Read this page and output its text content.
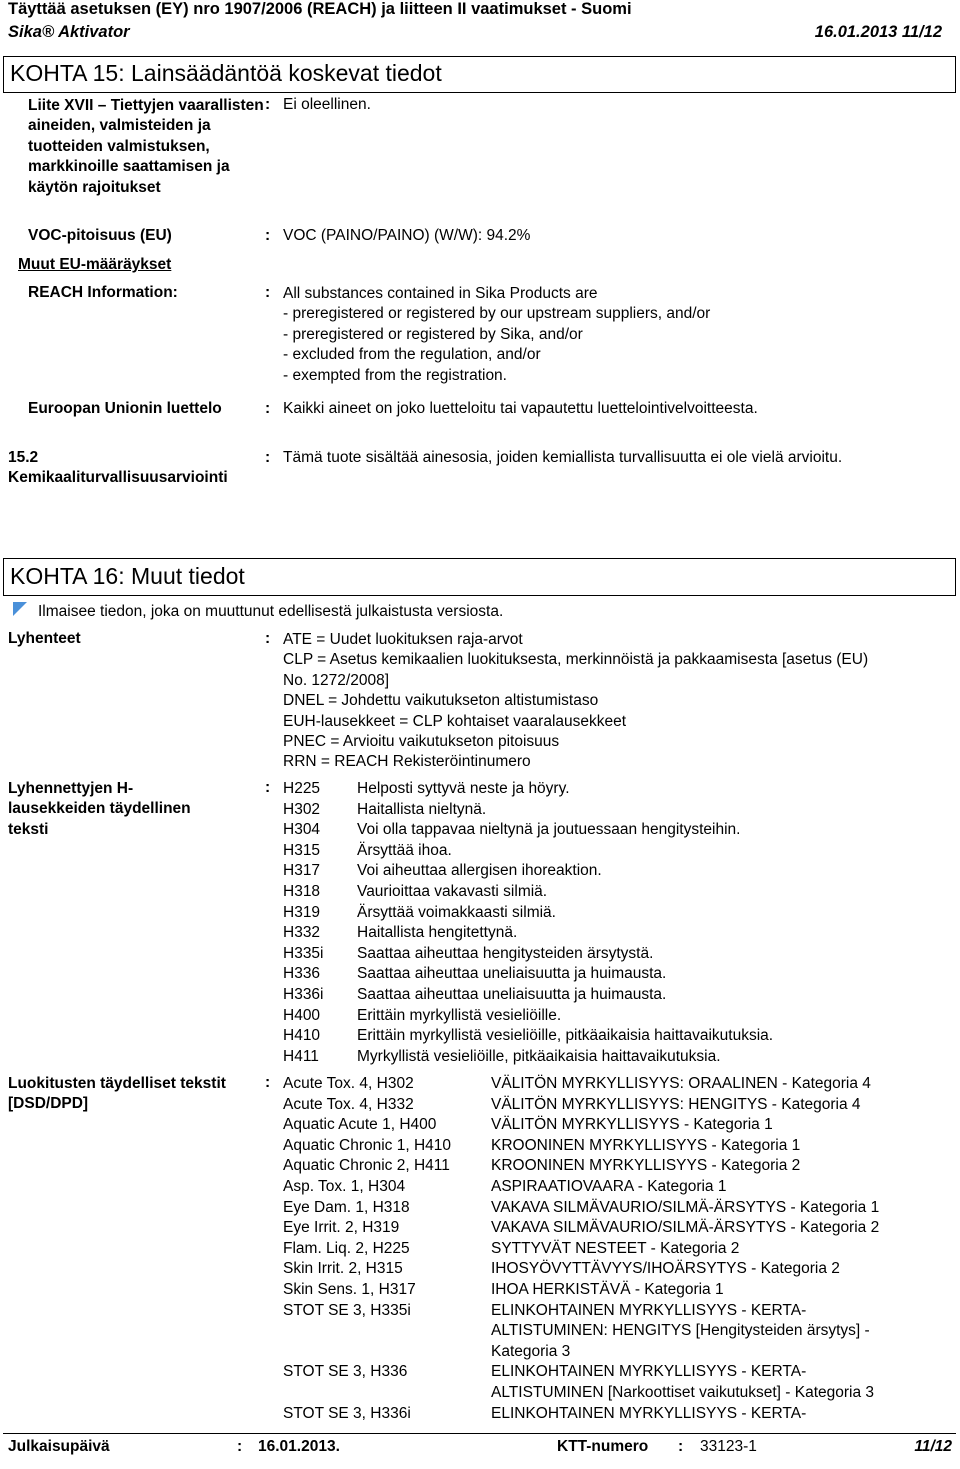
Täyttää asetuksen (EY) nro 1907/2006 (REACH) ja liitteen II vaatimukset - Suomi
Sika® Aktivator	16.01.2013 11/12
KOHTA 15: Lainsäädäntöä koskevat tiedot
Liite XVII – Tiettyjen vaarallisten aineiden, valmisteiden ja tuotteiden valmistuksen, markkinoille saattamisen ja käytön rajoitukset
: Ei oleellinen.
VOC-pitoisuus (EU)	: VOC (PAINO/PAINO) (W/W): 94.2%
Muut EU-määräykset
REACH Information:	: All substances contained in Sika Products are
- preregistered or registered by our upstream suppliers, and/or
- preregistered or registered by Sika, and/or
- excluded from the regulation, and/or
- exempted from the registration.
Euroopan Unionin luettelo	: Kaikki aineet on joko luetteloitu tai vapautettu luettelointivelvoitteesta.
15.2
Kemikaaliturvallisuusarviointi
: Tämä tuote sisältää ainesosia, joiden kemiallista turvallisuutta ei ole vielä arvioitu.
KOHTA 16: Muut tiedot
Ilmaisee tiedon, joka on muuttunut edellisestä julkaistusta versiosta.
Lyhenteet	: ATE = Uudet luokituksen raja-arvot
CLP = Asetus kemikaalien luokituksesta, merkinnöistä ja pakkaamisesta [asetus (EU)
No. 1272/2008]
DNEL = Johdettu vaikutukseton altistumistaso
EUH-lausekkeet = CLP kohtaiset vaaralausekkeet
PNEC = Arvioitu vaikutukseton pitoisuus
RRN = REACH Rekisteröintinumero
Lyhennettyjen H-lausekkeiden täydellinen teksti
: H225 Helposti syttyvä neste ja höyry.
H302 Haitallista nieltynä.
H304 Voi olla tappavaa nieltynä ja joutuessaan hengitysteihin.
H315 Ärsyttää ihoa.
H317 Voi aiheuttaa allergisen ihoreaktion.
H318 Vaurioittaa vakavasti silmiä.
H319 Ärsyttää voimakkaasti silmiä.
H332 Haitallista hengitettynä.
H335i Saattaa aiheuttaa hengitysteiden ärsytystä.
H336 Saattaa aiheuttaa uneliaisuutta ja huimausta.
H336i Saattaa aiheuttaa uneliaisuutta ja huimausta.
H400 Erittäin myrkyllistä vesieliöille.
H410 Erittäin myrkyllistä vesieliöille, pitkäaikaisia haittavaikutuksia.
H411 Myrkyllistä vesieliöille, pitkäaikaisia haittavaikutuksia.
Luokitusten täydelliset tekstit [DSD/DPD]
: Acute Tox. 4, H302	VÄLITÖN MYRKYLLISYYS: ORAALINEN - Kategoria 4
Acute Tox. 4, H332	VÄLITÖN MYRKYLLISYYS: HENGITYS - Kategoria 4
Aquatic Acute 1, H400	VÄLITÖN MYRKYLLISYYS - Kategoria 1
Aquatic Chronic 1, H410	KROONINEN MYRKYLLISYYS - Kategoria 1
Aquatic Chronic 2, H411	KROONINEN MYRKYLLISYYS - Kategoria 2
Asp. Tox. 1, H304	ASPIRAATIOVAARA - Kategoria 1
Eye Dam. 1, H318	VAKAVA SILMÄVAURIO/SILMÄ-ÄRSYTYS - Kategoria 1
Eye Irrit. 2, H319	VAKAVA SILMÄVAURIO/SILMÄ-ÄRSYTYS - Kategoria 2
Flam. Liq. 2, H225	SYTTYVÄT NESTEET - Kategoria 2
Skin Irrit. 2, H315	IHOSYÖVYTTÄVYYS/IHOÄRSYTYS - Kategoria 2
Skin Sens. 1, H317	IHOA HERKISTÄVÄ - Kategoria 1
STOT SE 3, H335i	ELINKOHTAINEN MYRKYLLISYYS - KERTA-
ALTISTUMINEN: HENGITYS [Hengitysteiden ärsytys] -
Kategoria 3
STOT SE 3, H336	ELINKOHTAINEN MYRKYLLISYYS - KERTA-
ALTISTUMINEN [Narkoottiset vaikutukset] - Kategoria 3
STOT SE 3, H336i	ELINKOHTAINEN MYRKYLLISYYS - KERTA-
Julkaisupäivä	: 16.01.2013.	KTT-numero : 33123-1	11/12
